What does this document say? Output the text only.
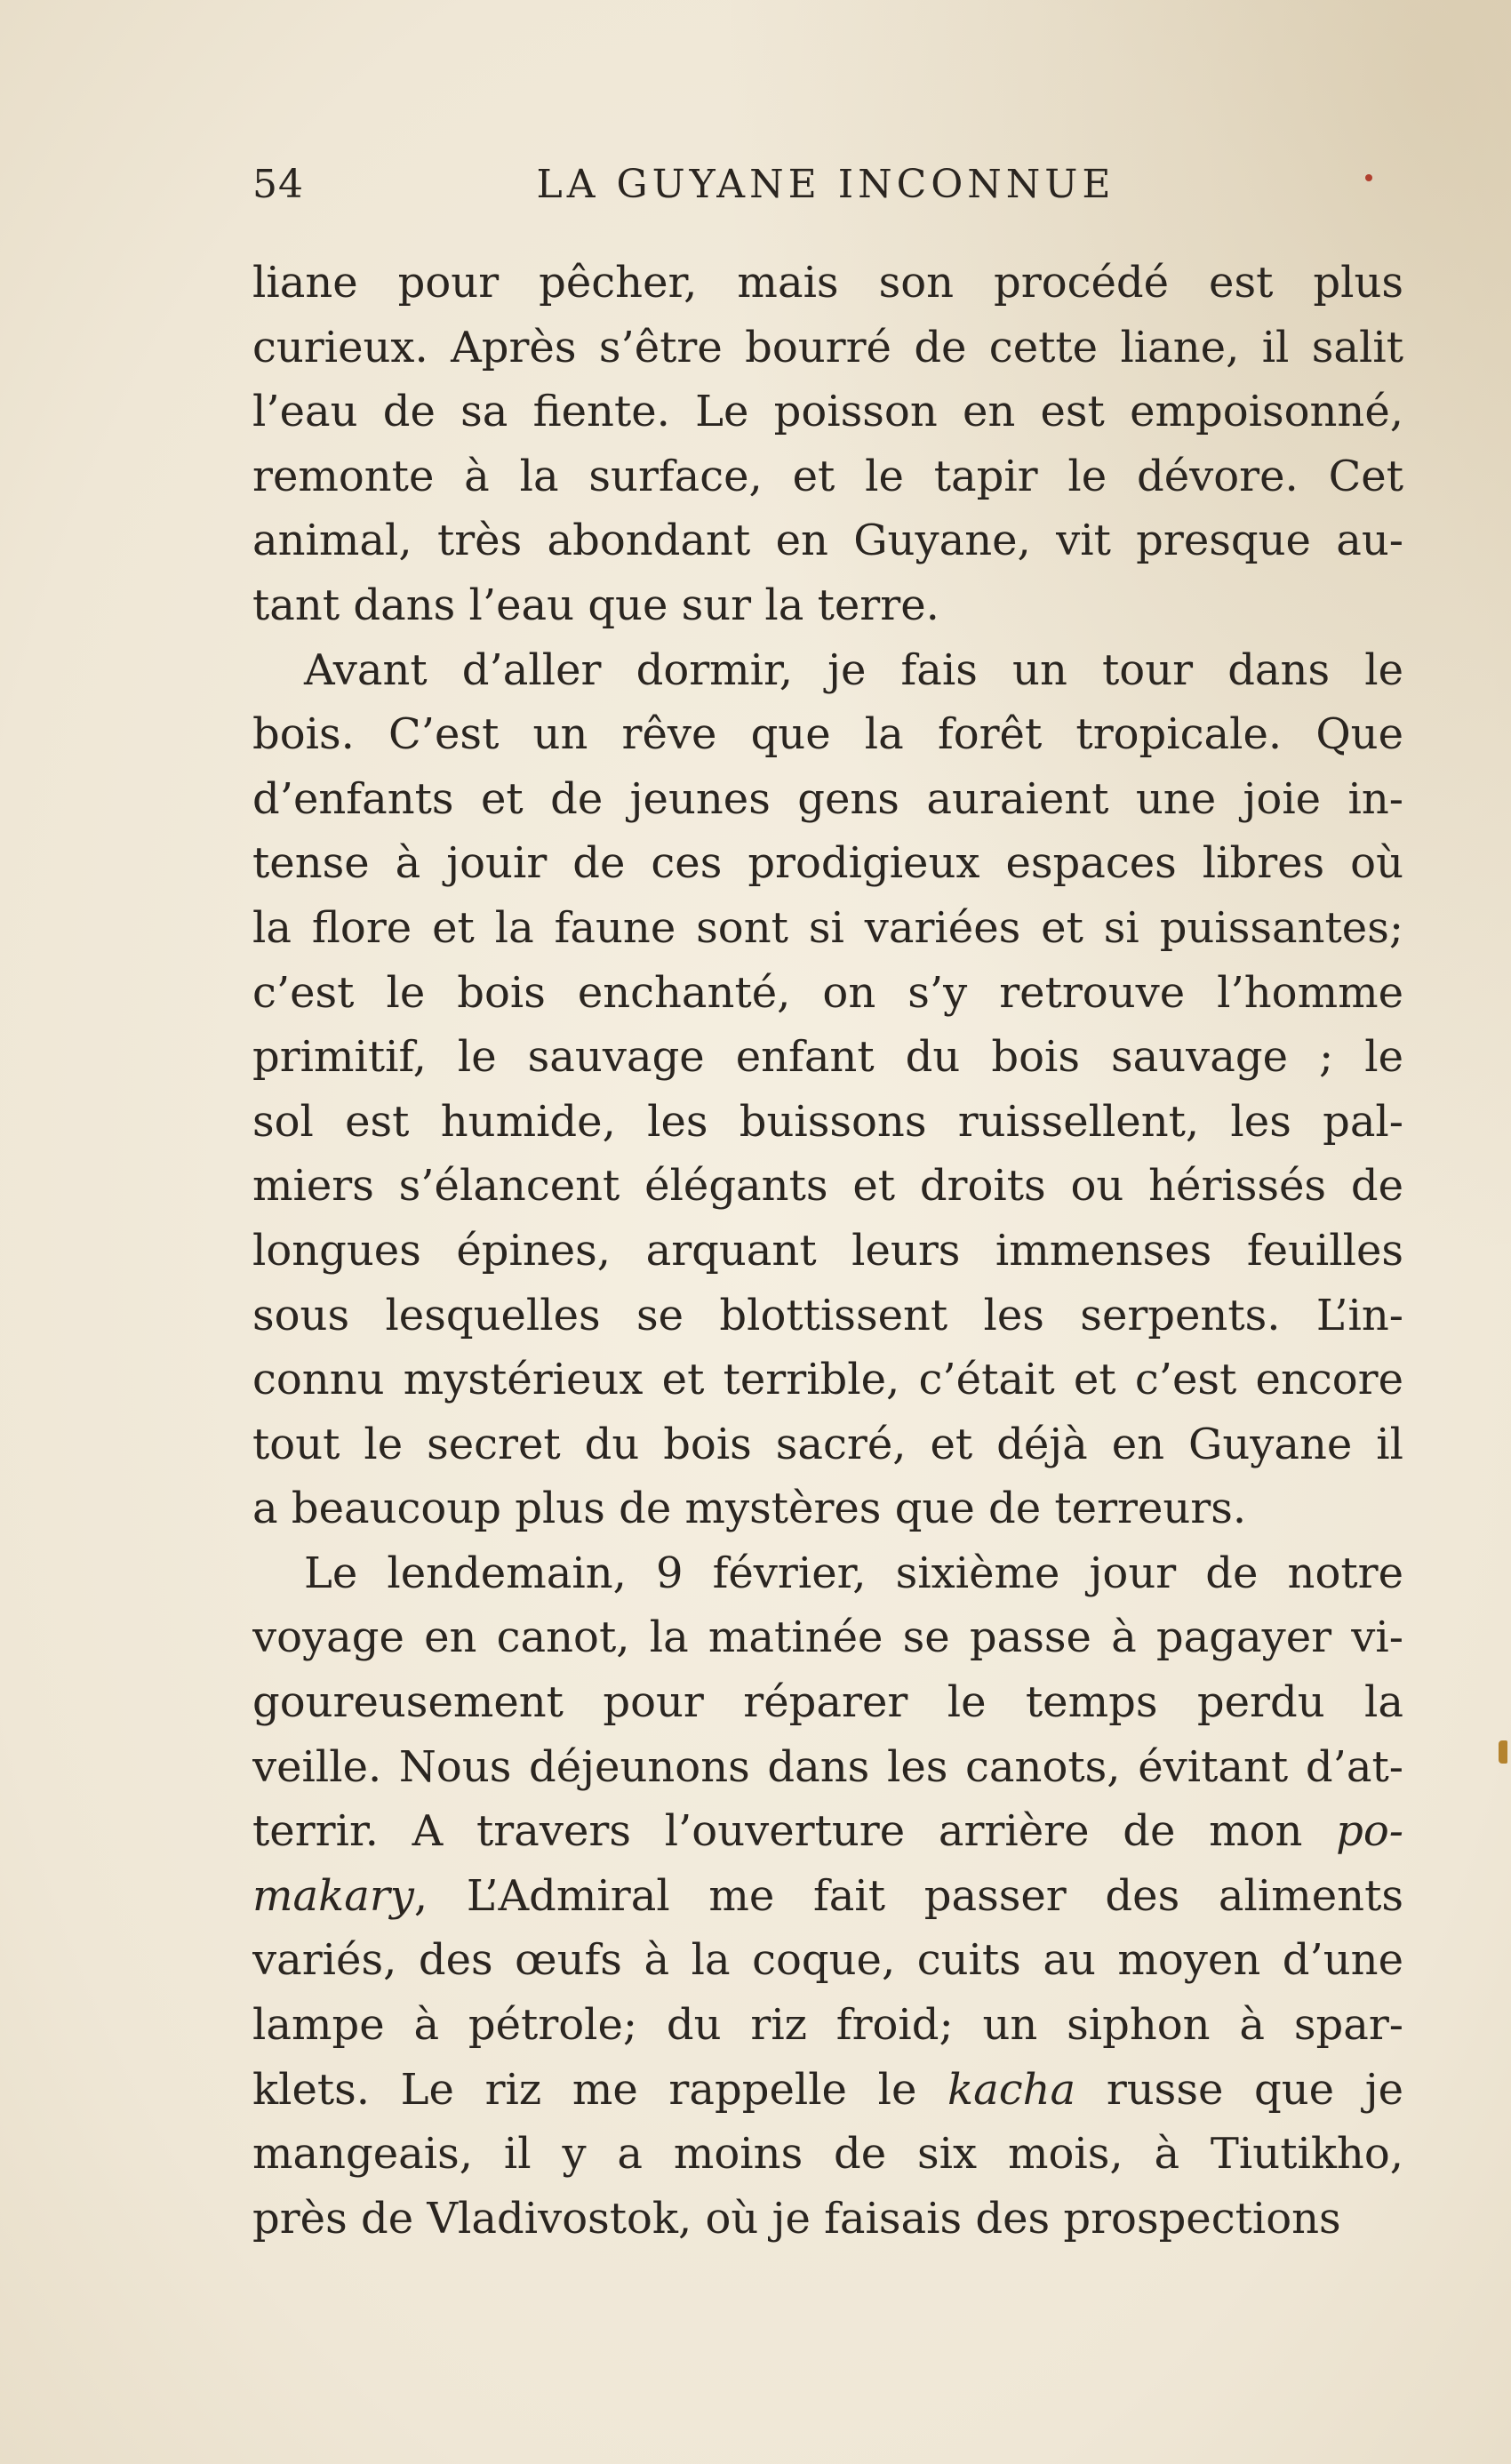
54	LA GUYANE INCONNUE
liane pour pêcher, mais son procédé est plus
curieux. Après s’être bourré de cette liane, il salit
l’eau de sa fiente. Le poisson en est empoisonné,
remonte à la surface, et le tapir le dévore. Cet
animal, très abondant en Guyane, vit presque au-
tant dans l’eau que sur la terre.
Avant d’aller dormir, je fais un tour dans le
bois. C’est un rêve que la forêt tropicale. Que
d’enfants et de jeunes gens auraient une joie in-
tense à jouir de ces prodigieux espaces libres où
la flore et la faune sont si variées et si puissantes;
c’est le bois enchanté, on s’y retrouve l’homme
primitif, le sauvage enfant du bois sauvage ; le
sol est humide, les buissons ruissellent, les pal-
miers s’élancent élégants et droits ou hérissés de
longues épines, arquant leurs immenses feuilles
sous lesquelles se blottissent les serpents. L’in-
connu mystérieux et terrible, c’était et c’est encore
tout le secret du bois sacré, et déjà en Guyane il
a beaucoup plus de mystères que de terreurs.
Le lendemain, 9 février, sixième jour de notre
voyage en canot, la matinée se passe à pagayer vi-
goureusement pour réparer le temps perdu la
veille. Nous déjeunons dans les canots, évitant d’at-
terrir. A travers l’ouverture arrière de mon po-
makary, L’Admiral me fait passer des aliments
variés, des œufs à la coque, cuits au moyen d’une
lampe à pétrole; du riz froid; un siphon à spar-
klets. Le riz me rappelle le kacha russe que je
mangeais, il y a moins de six mois, à Tiutikho,
près de Vladivostok, où je faisais des prospections
